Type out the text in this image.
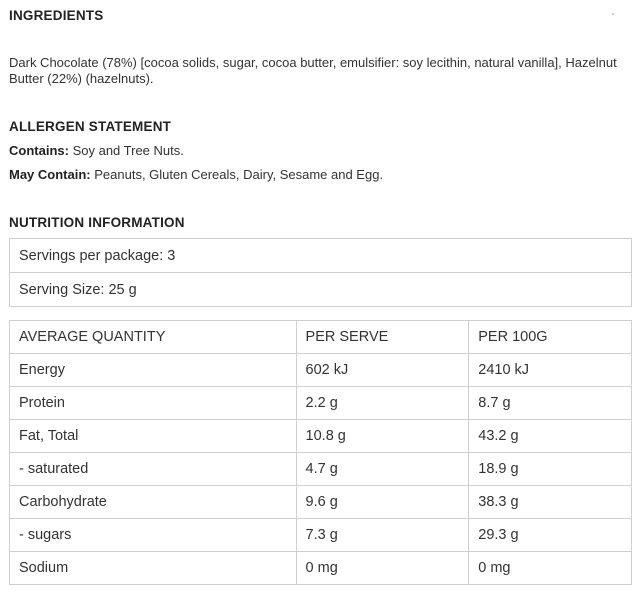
INGREDIENTS

Dark Chocolate (78%) [cocoa solids, sugar, cocoa butter, emulsifier: soy lecithin, natural vanilla], Hazelnut Butter (22%) (hazelnuts).

ALLERGEN STATEMENT
Contains: Soy and Tree Nuts.
May Contain: Peanuts, Gluten Cereals, Dairy, Sesame and Egg.
NUTRITION INFORMATION
Servings per package: 3
Serving Size: 25 g
AVERAGE QUANTITY	PER SERVE	PER 100G
Energy	602 kJ	2410 kJ
Protein	2.2 g	8.7 g
Fat, Total	10.8 g	43.2 g
- saturated	4.7 g	18.9 g
Carbohydrate	9.6 g	38.3 g
- sugars	7.3 g	29.3 g
Sodium	0 mg	0 mg
